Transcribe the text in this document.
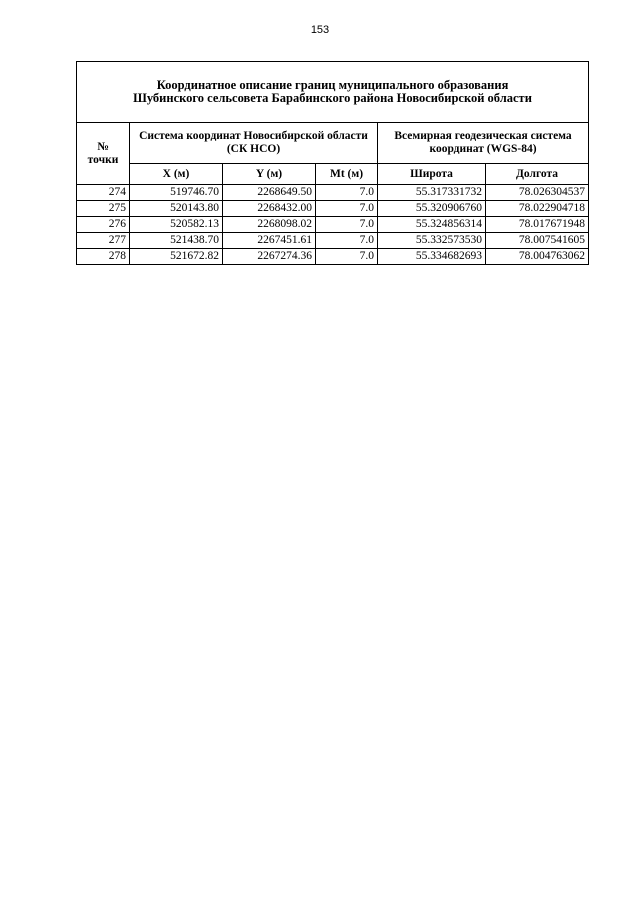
153
Координатное описание границ муниципального образования
Шубинского сельсовета Барабинского района Новосибирской области					

№
точки	Система координат Новосибирской области (СК НСО)			Всемирная геодезическая система координат (WGS-84)	
	X (м)	Y (м)	Mt (м)	Широта	Долгота
274	519746.70	2268649.50	7.0	55.317331732	78.026304537
275	520143.80	2268432.00	7.0	55.320906760	78.022904718
276	520582.13	2268098.02	7.0	55.324856314	78.017671948
277	521438.70	2267451.61	7.0	55.332573530	78.007541605
278	521672.82	2267274.36	7.0	55.334682693	78.004763062
